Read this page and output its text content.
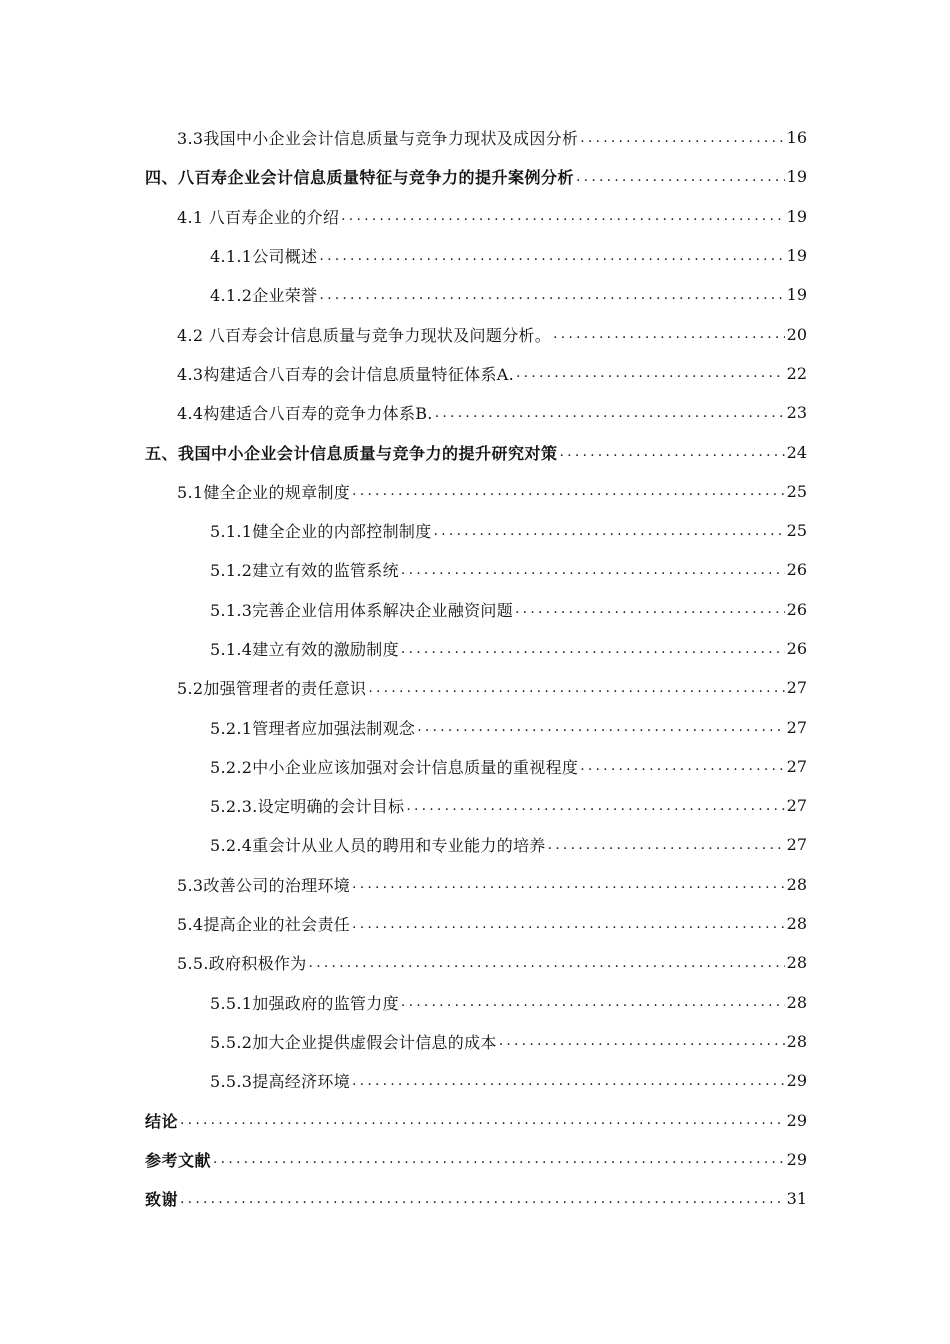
3.3我国中小企业会计信息质量与竞争力现状及成因分析 .....	16
四、八百寿企业会计信息质量特征与竞争力的提升案例分析 .....	19
4.1 八百寿企业的介绍 .....	19
4.1.1公司概述 .....	19
4.1.2企业荣誉 .....	19
4.2 八百寿会计信息质量与竞争力现状及问题分析。 .....	20
4.3构建适合八百寿的会计信息质量特征体系A. .....	22
4.4构建适合八百寿的竞争力体系B. .....	23
五、我国中小企业会计信息质量与竞争力的提升研究对策 .....	24
5.1健全企业的规章制度 .....	25
5.1.1健全企业的内部控制制度 .....	25
5.1.2建立有效的监管系统 .....	26
5.1.3完善企业信用体系解决企业融资问题 .....	26
5.1.4建立有效的激励制度 .....	26
5.2加强管理者的责任意识 .....	27
5.2.1管理者应加强法制观念 .....	27
5.2.2中小企业应该加强对会计信息质量的重视程度 .....	27
5.2.3.设定明确的会计目标 .....	27
5.2.4重会计从业人员的聘用和专业能力的培养 .....	27
5.3改善公司的治理环境 .....	28
5.4提高企业的社会责任 .....	28
5.5.政府积极作为 .....	28
5.5.1加强政府的监管力度 .....	28
5.5.2加大企业提供虚假会计信息的成本 .....	28
5.5.3提高经济环境 .....	29
结论 .....	29
参考文献 .....	29
致谢 .....	31
